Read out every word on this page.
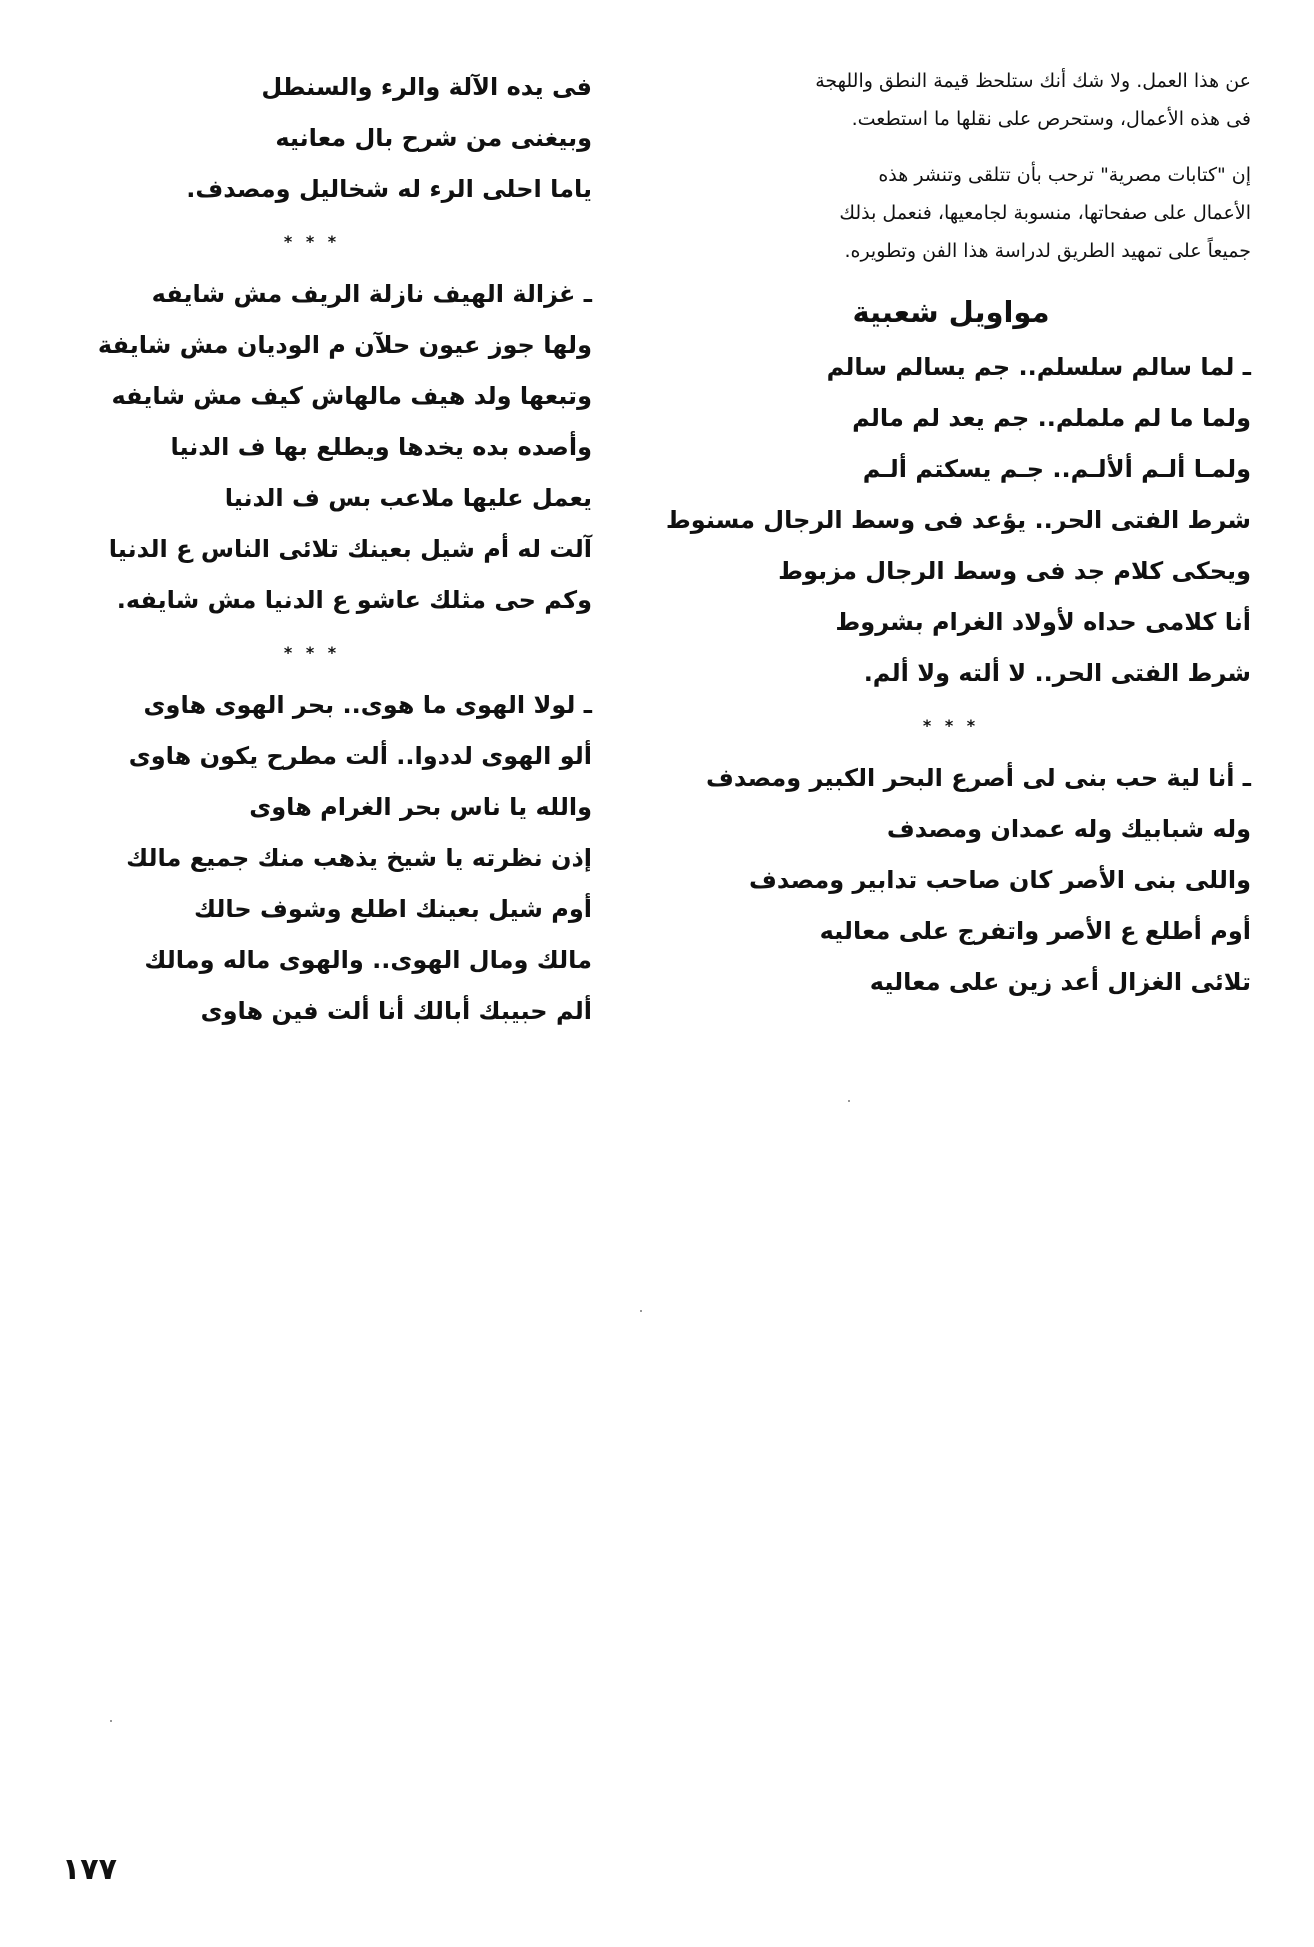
عن هذا العمل. ولا شك أنك ستلحظ قيمة النطق واللهجة
فى هذه الأعمال، وستحرص على نقلها ما استطعت.
إن "كتابات مصرية" ترحب بأن تتلقى وتنشر هذه
الأعمال على صفحاتها، منسوبة لجامعيها، فنعمل بذلك
جميعاً على تمهيد الطريق لدراسة هذا الفن وتطويره.
مواويل شعبية

ـ لما سالم سلسلم.. جم يسالم سالم

ولما ما لم ململم.. جم يعد لم مالم

ولمـا ألـم ألألـم.. جـم يسكتم ألـم

شرط الفتى الحر.. يؤعد فى وسط الرجال مسنوط

ويحكى كلام جد فى وسط الرجال مزبوط

أنا كلامى حداه لأولاد الغرام بشروط

شرط الفتى الحر.. لا ألته ولا ألم.

* * *

ـ أنا لية حب بنى لى أصرع البحر الكبير ومصدف

وله شبابيك وله عمدان ومصدف

واللى بنى الأصر كان صاحب تدابير ومصدف

أوم أطلع ع الأصر واتفرج على معاليه

تلائى الغزال أعد زين على معاليه

فى يده الآلة والرء والسنطل

وبيغنى من شرح بال معانيه

ياما احلى الرء له شخاليل ومصدف.

* * *

ـ غزالة الهيف نازلة الريف مش شايفه

ولها جوز عيون حلآن م الوديان مش شايفة

وتبعها ولد هيف مالهاش كيف مش شايفه

وأصده بده يخدها ويطلع بها ف الدنيا

يعمل عليها ملاعب بس ف الدنيا

آلت له أم شيل بعينك تلائى الناس ع الدنيا

وكم حى مثلك عاشو ع الدنيا مش شايفه.

* * *

ـ لولا الهوى ما هوى.. بحر الهوى هاوى

ألو الهوى لددوا.. ألت مطرح يكون هاوى

والله يا ناس بحر الغرام هاوى

إذن نظرته يا شيخ يذهب منك جميع مالك

أوم شيل بعينك اطلع وشوف حالك

مالك ومال الهوى.. والهوى ماله ومالك

ألم حبيبك أبالك أنا ألت فين هاوى

١٧٧
